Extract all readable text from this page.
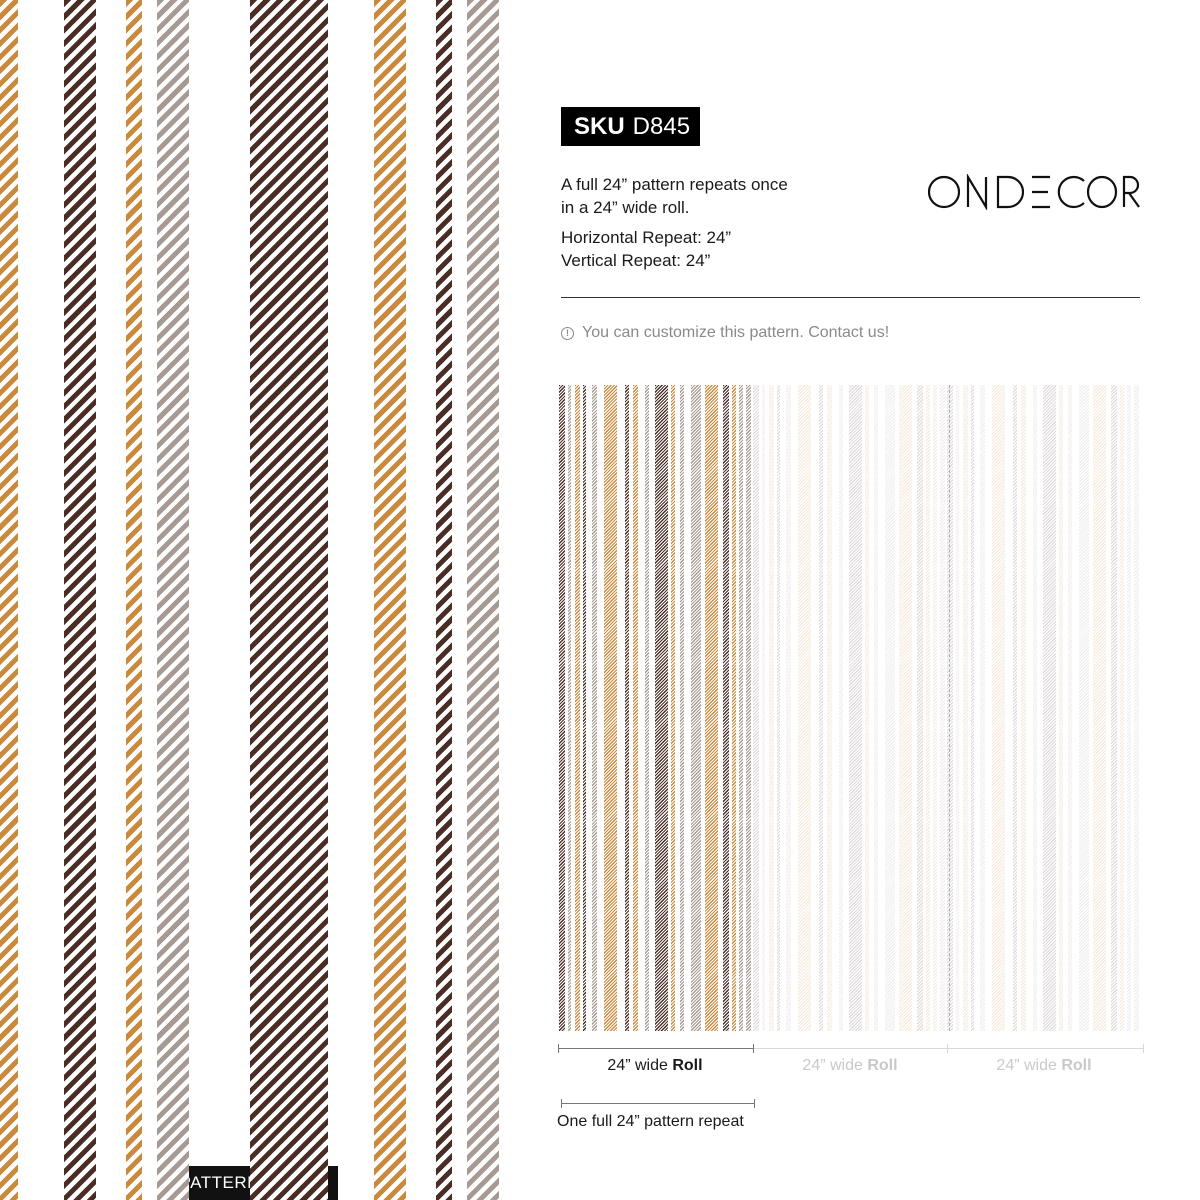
PATTERN
SKU D845
A full 24” pattern repeats once
in a 24” wide roll.
Horizontal Repeat: 24”
Vertical Repeat: 24”
! You can customize this pattern. Contact us!
24” wide Roll	24” wide Roll	24” wide Roll
One full 24” pattern repeat
